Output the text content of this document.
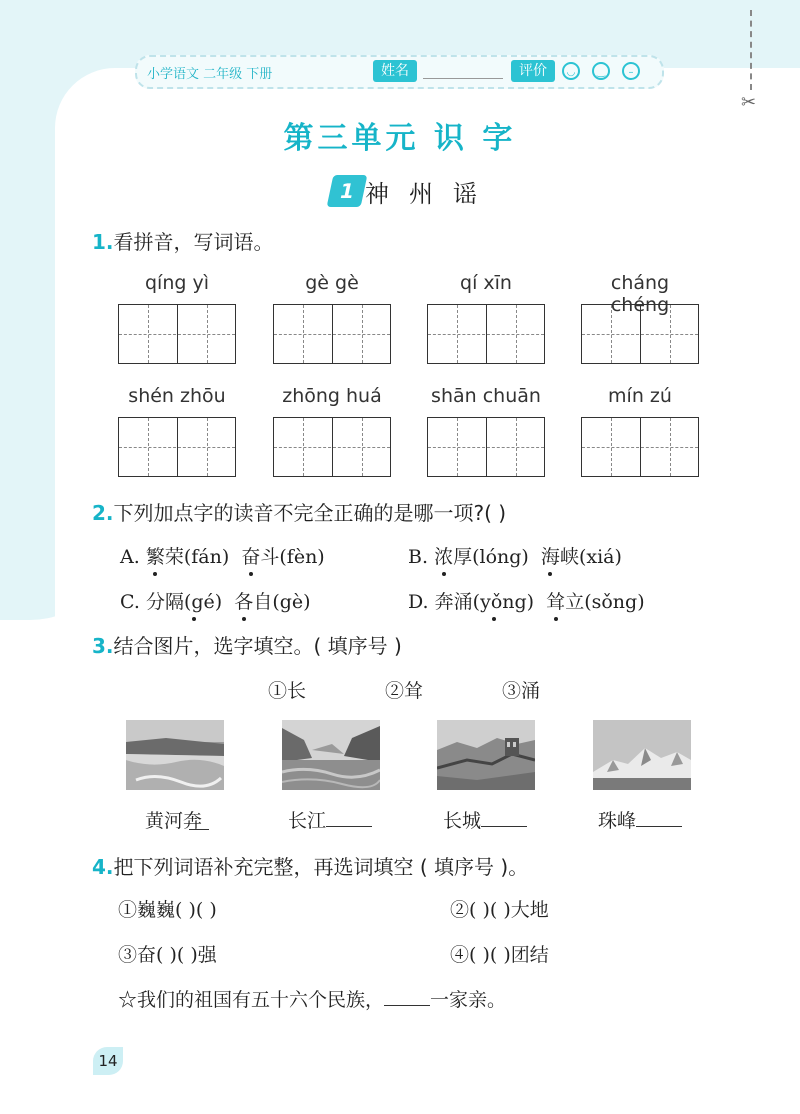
✂
小学语文 二年级 下册	姓名	评价	◡	‿	–
第三单元 识 字
1 神州谣
1.看拼音，写词语。
qíng yì	gè gè	qí xīn	cháng chéng
shén zhōu	zhōng huá	shān chuān	mín zú
2.下列加点字的读音不完全正确的是哪一项?( )
A. 繁荣(fán) 奋斗(fèn)	B. 浓厚(lóng) 海峡(xiá)
C. 分隔(gé) 各自(gè)	D. 奔涌(yǒng) 耸立(sǒng)
3.结合图片，选字填空。( 填序号 )
①长	②耸	③涌
黄河奔	长江	长城	珠峰
4.把下列词语补充完整，再选词填空 ( 填序号 )。
①巍巍( )( )	②( )( )大地
③奋( )( )强	④( )( )团结
☆我们的祖国有五十六个民族， 一家亲。
14
